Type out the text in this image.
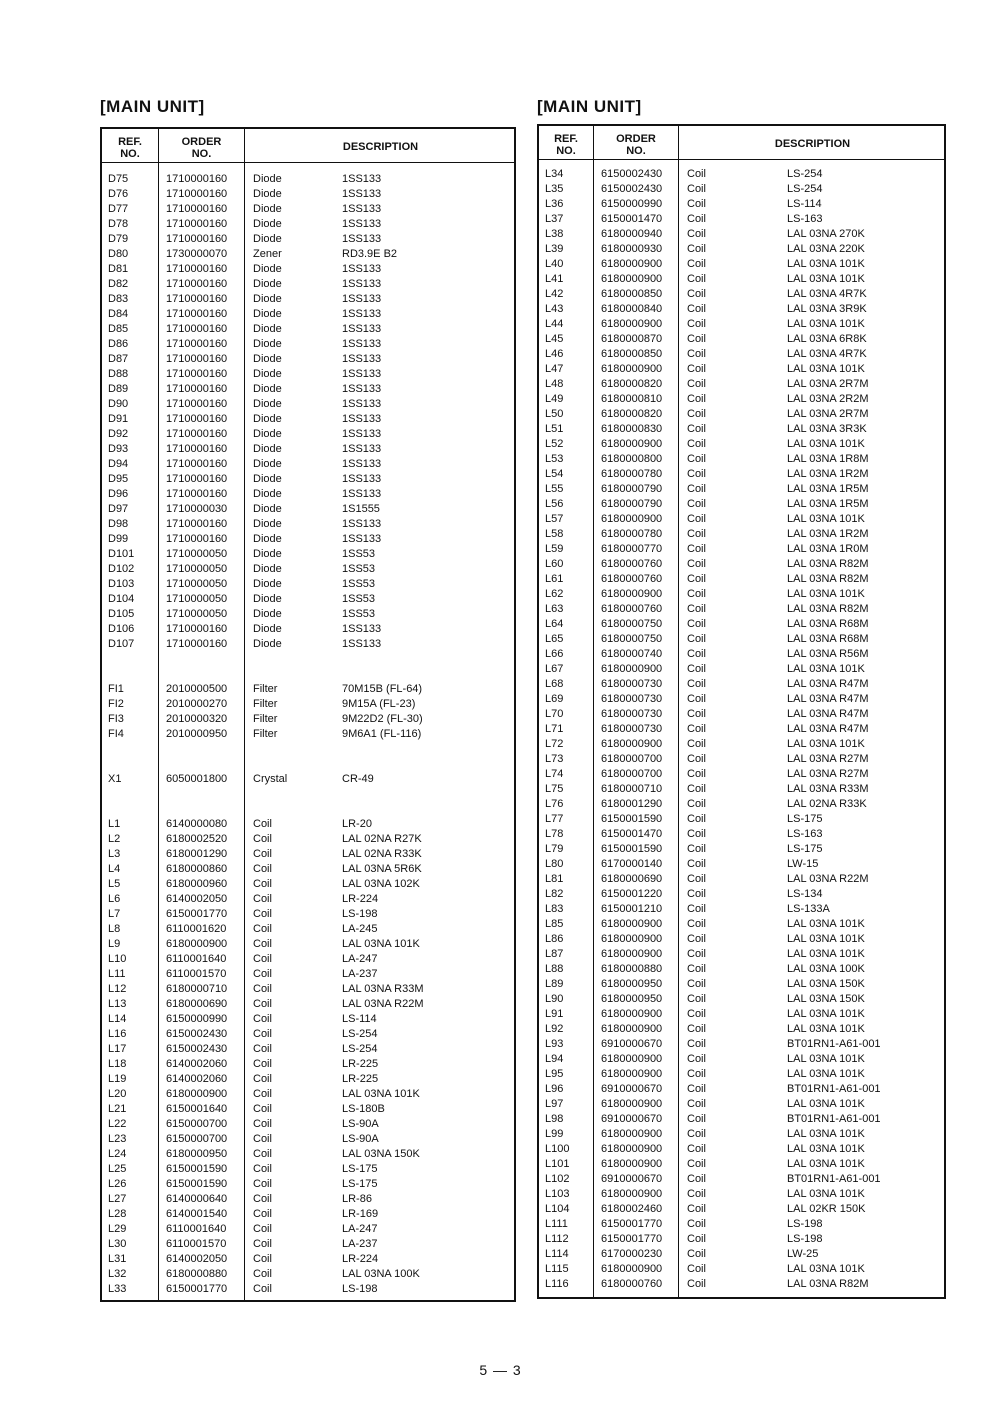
[MAIN UNIT]
REF.
NO.
ORDER
NO.
DESCRIPTION
D75	1710000160 Diode	1SS133
D76	1710000160 Diode	1SS133
D77	1710000160 Diode	1SS133
D78	1710000160 Diode	1SS133
D79	1710000160 Diode	1SS133
D80	1730000070 Zener	RD3.9E B2
D81	1710000160 Diode	1SS133
D82	1710000160 Diode	1SS133
D83	1710000160 Diode	1SS133
D84	1710000160 Diode	1SS133
D85	1710000160 Diode	1SS133
D86	1710000160 Diode	1SS133
D87	1710000160 Diode	1SS133
D88	1710000160 Diode	1SS133
D89	1710000160 Diode	1SS133
D90	1710000160 Diode	1SS133
D91	1710000160 Diode	1SS133
D92	1710000160 Diode	1SS133
D93	1710000160 Diode	1SS133
D94	1710000160 Diode	1SS133
D95	1710000160 Diode	1SS133
D96	1710000160 Diode	1SS133
D97	1710000030 Diode	1S1555
D98	1710000160 Diode	1SS133
D99	1710000160 Diode	1SS133
D101	1710000050 Diode	1SS53
D102	1710000050 Diode	1SS53
D103	1710000050 Diode	1SS53
D104	1710000050 Diode	1SS53
D105	1710000050 Diode	1SS53
D106	1710000160 Diode	1SS133
D107	1710000160 Diode	1SS133
FI1	2010000500 Filter	70M15B (FL-64)
FI2	2010000270 Filter	9M15A (FL-23)
FI3	2010000320 Filter	9M22D2 (FL-30)
FI4	2010000950 Filter	9M6A1 (FL-116)
X1	6050001800 Crystal	CR-49
L1	6140000080 Coil	LR-20
L2	6180002520 Coil	LAL 02NA R27K
L3	6180001290 Coil	LAL 02NA R33K
L4	6180000860 Coil	LAL 03NA 5R6K
L5	6180000960 Coil	LAL 03NA 102K
L6	6140002050 Coil	LR-224
L7	6150001770 Coil	LS-198
L8	6110001620 Coil	LA-245
L9	6180000900 Coil	LAL 03NA 101K
L10	6110001640 Coil	LA-247
L11	6110001570 Coil	LA-237
L12	6180000710 Coil	LAL 03NA R33M
L13	6180000690 Coil	LAL 03NA R22M
L14	6150000990 Coil	LS-114
L16	6150002430 Coil	LS-254
L17	6150002430 Coil	LS-254
L18	6140002060 Coil	LR-225
L19	6140002060 Coil	LR-225
L20	6180000900 Coil	LAL 03NA 101K
L21	6150001640 Coil	LS-180B
L22	6150000700 Coil	LS-90A
L23	6150000700 Coil	LS-90A
L24	6180000950 Coil	LAL 03NA 150K
L25	6150001590 Coil	LS-175
L26	6150001590 Coil	LS-175
L27	6140000640 Coil	LR-86
L28	6140001540 Coil	LR-169
L29	6110001640 Coil	LA-247
L30	6110001570 Coil	LA-237
L31	6140002050 Coil	LR-224
L32	6180000880 Coil	LAL 03NA 100K
L33	6150001770 Coil	LS-198
[MAIN UNIT]
REF.
NO.
ORDER
NO.
DESCRIPTION
L34	6150002430 Coil	LS-254
L35	6150002430 Coil	LS-254
L36	6150000990 Coil	LS-114
L37	6150001470 Coil	LS-163
L38	6180000940 Coil	LAL 03NA 270K
L39	6180000930 Coil	LAL 03NA 220K
L40	6180000900 Coil	LAL 03NA 101K
L41	6180000900 Coil	LAL 03NA 101K
L42	6180000850 Coil	LAL 03NA 4R7K
L43	6180000840 Coil	LAL 03NA 3R9K
L44	6180000900 Coil	LAL 03NA 101K
L45	6180000870 Coil	LAL 03NA 6R8K
L46	6180000850 Coil	LAL 03NA 4R7K
L47	6180000900 Coil	LAL 03NA 101K
L48	6180000820 Coil	LAL 03NA 2R7M
L49	6180000810 Coil	LAL 03NA 2R2M
L50	6180000820 Coil	LAL 03NA 2R7M
L51	6180000830 Coil	LAL 03NA 3R3K
L52	6180000900 Coil	LAL 03NA 101K
L53	6180000800 Coil	LAL 03NA 1R8M
L54	6180000780 Coil	LAL 03NA 1R2M
L55	6180000790 Coil	LAL 03NA 1R5M
L56	6180000790 Coil	LAL 03NA 1R5M
L57	6180000900 Coil	LAL 03NA 101K
L58	6180000780 Coil	LAL 03NA 1R2M
L59	6180000770 Coil	LAL 03NA 1R0M
L60	6180000760 Coil	LAL 03NA R82M
L61	6180000760 Coil	LAL 03NA R82M
L62	6180000900 Coil	LAL 03NA 101K
L63	6180000760 Coil	LAL 03NA R82M
L64	6180000750 Coil	LAL 03NA R68M
L65	6180000750 Coil	LAL 03NA R68M
L66	6180000740 Coil	LAL 03NA R56M
L67	6180000900 Coil	LAL 03NA 101K
L68	6180000730 Coil	LAL 03NA R47M
L69	6180000730 Coil	LAL 03NA R47M
L70	6180000730 Coil	LAL 03NA R47M
L71	6180000730 Coil	LAL 03NA R47M
L72	6180000900 Coil	LAL 03NA 101K
L73	6180000700 Coil	LAL 03NA R27M
L74	6180000700 Coil	LAL 03NA R27M
L75	6180000710 Coil	LAL 03NA R33M
L76	6180001290 Coil	LAL 02NA R33K
L77	6150001590 Coil	LS-175
L78	6150001470 Coil	LS-163
L79	6150001590 Coil	LS-175
L80	6170000140 Coil	LW-15
L81	6180000690 Coil	LAL 03NA R22M
L82	6150001220 Coil	LS-134
L83	6150001210 Coil	LS-133A
L85	6180000900 Coil	LAL 03NA 101K
L86	6180000900 Coil	LAL 03NA 101K
L87	6180000900 Coil	LAL 03NA 101K
L88	6180000880 Coil	LAL 03NA 100K
L89	6180000950 Coil	LAL 03NA 150K
L90	6180000950 Coil	LAL 03NA 150K
L91	6180000900 Coil	LAL 03NA 101K
L92	6180000900 Coil	LAL 03NA 101K
L93	6910000670 Coil	BT01RN1-A61-001
L94	6180000900 Coil	LAL 03NA 101K
L95	6180000900 Coil	LAL 03NA 101K
L96	6910000670 Coil	BT01RN1-A61-001
L97	6180000900 Coil	LAL 03NA 101K
L98	6910000670 Coil	BT01RN1-A61-001
L99	6180000900 Coil	LAL 03NA 101K
L100	6180000900 Coil	LAL 03NA 101K
L101	6180000900 Coil	LAL 03NA 101K
L102	6910000670 Coil	BT01RN1-A61-001
L103	6180000900 Coil	LAL 03NA 101K
L104	6180002460 Coil	LAL 02KR 150K
L111	6150001770 Coil	LS-198
L112	6150001770 Coil	LS-198
L114	6170000230 Coil	LW-25
L115	6180000900 Coil	LAL 03NA 101K
L116	6180000760 Coil	LAL 03NA R82M
5 — 3
